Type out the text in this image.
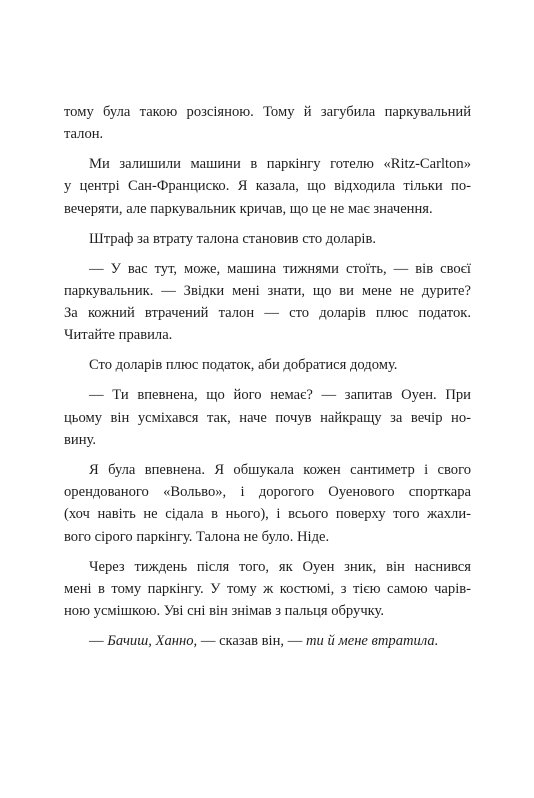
тому була такою розсіяною. Тому й загубила паркувальний
талон.

Ми залишили машини в паркінгу готелю «Ritz-Carlton»
у центрі Сан-Франциско. Я казала, що відходила тільки по-
вечеряти, але паркувальник кричав, що це не має значення.

Штраф за втрату талона становив сто доларів.

— У вас тут, може, машина тижнями стоїть, — вів своєї
паркувальник. — Звідки мені знати, що ви мене не дурите?
За кожний втрачений талон — сто доларів плюс податок.
Читайте правила.

Сто доларів плюс податок, аби добратися додому.

— Ти впевнена, що його немає? — запитав Оуен. При
цьому він усміхався так, наче почув найкращу за вечір но-
вину.

Я була впевнена. Я обшукала кожен сантиметр і свого
орендованого «Вольво», і дорогого Оуенового спорткара
(хоч навіть не сідала в нього), і всього поверху того жахли-
вого сірого паркінгу. Талона не було. Ніде.

Через тиждень після того, як Оуен зник, він наснився
мені в тому паркінгу. У тому ж костюмі, з тією самою чарів-
ною усмішкою. Уві сні він знімав з пальця обручку.

— Бачиш, Ханно, — сказав він, — ти й мене втратила.
